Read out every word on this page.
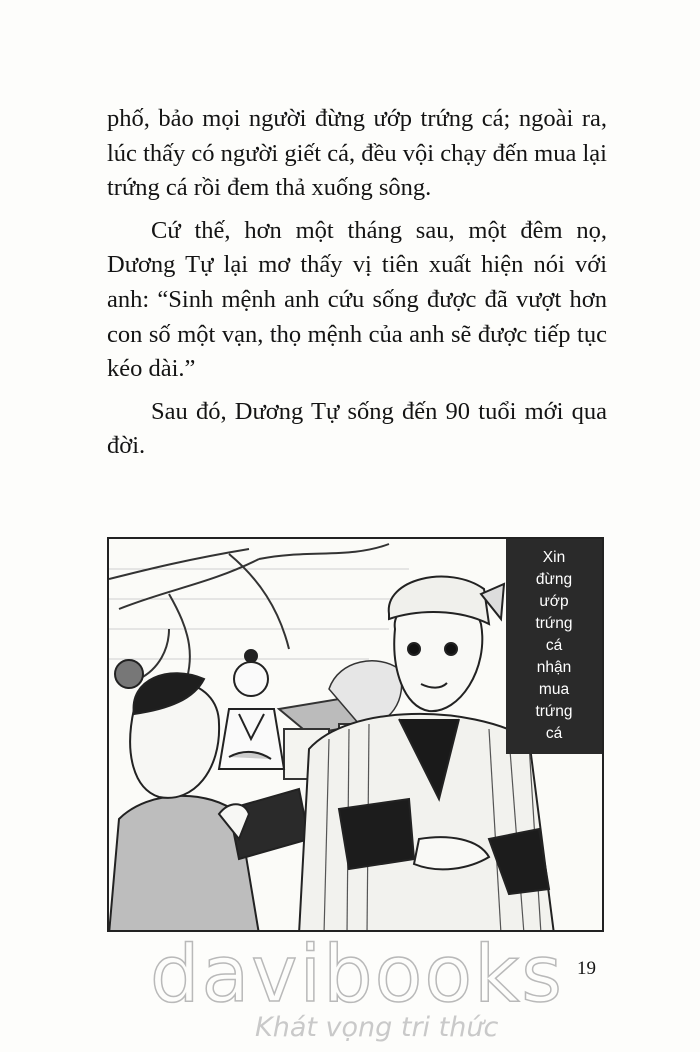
phố, bảo mọi người đừng ướp trứng cá; ngoài ra, lúc thấy có người giết cá, đều vội chạy đến mua lại trứng cá rồi đem thả xuống sông.

Cứ thế, hơn một tháng sau, một đêm nọ, Dương Tự lại mơ thấy vị tiên xuất hiện nói với anh: “Sinh mệnh anh cứu sống được đã vượt hơn con số một vạn, thọ mệnh của anh sẽ được tiếp tục kéo dài.”

Sau đó, Dương Tự sống đến 90 tuổi mới qua đời.

Xin
đừng
ướp
trứng
cá
nhận
mua
trứng
cá
davibooks
Khát vọng tri thức
19
